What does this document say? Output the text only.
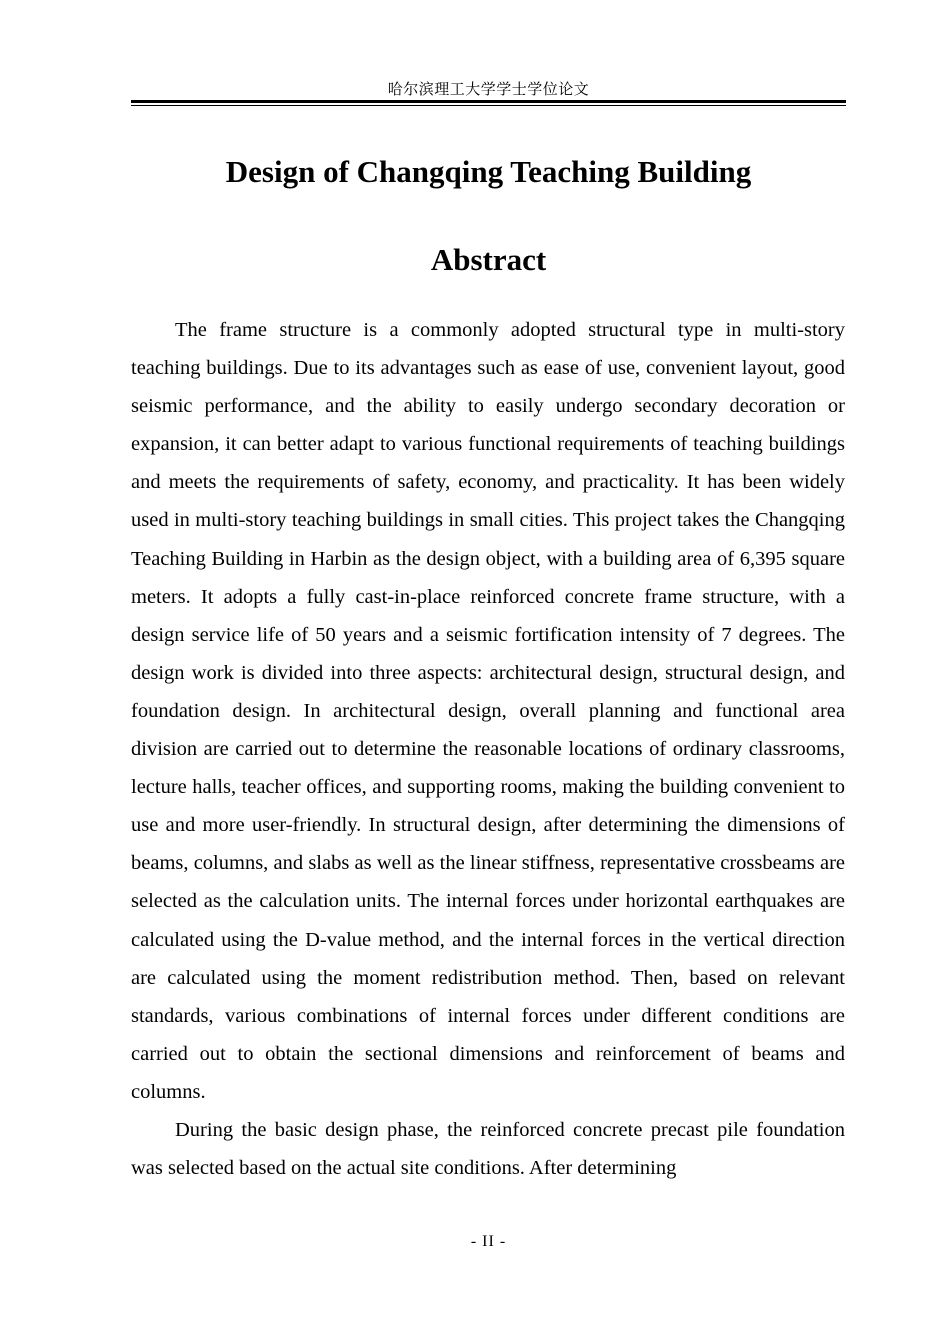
哈尔滨理工大学学士学位论文
Design of Changqing Teaching Building
Abstract

The frame structure is a commonly adopted structural type in multi-story teaching buildings. Due to its advantages such as ease of use, convenient layout, good seismic performance, and the ability to easily undergo secondary decoration or expansion, it can better adapt to various functional requirements of teaching buildings and meets the requirements of safety, economy, and practicality. It has been widely used in multi-story teaching buildings in small cities. This project takes the Changqing Teaching Building in Harbin as the design object, with a building area of 6,395 square meters. It adopts a fully cast-in-place reinforced concrete frame structure, with a design service life of 50 years and a seismic fortification intensity of 7 degrees. The design work is divided into three aspects: architectural design, structural design, and foundation design. In architectural design, overall planning and functional area division are carried out to determine the reasonable locations of ordinary classrooms, lecture halls, teacher offices, and supporting rooms, making the building convenient to use and more user-friendly. In structural design, after determining the dimensions of beams, columns, and slabs as well as the linear stiffness, representative crossbeams are selected as the calculation units. The internal forces under horizontal earthquakes are calculated using the D-value method, and the internal forces in the vertical direction are calculated using the moment redistribution method. Then, based on relevant standards, various combinations of internal forces under different conditions are carried out to obtain the sectional dimensions and reinforcement of beams and columns.

During the basic design phase, the reinforced concrete precast pile foundation was selected based on the actual site conditions. After determining

- II -
